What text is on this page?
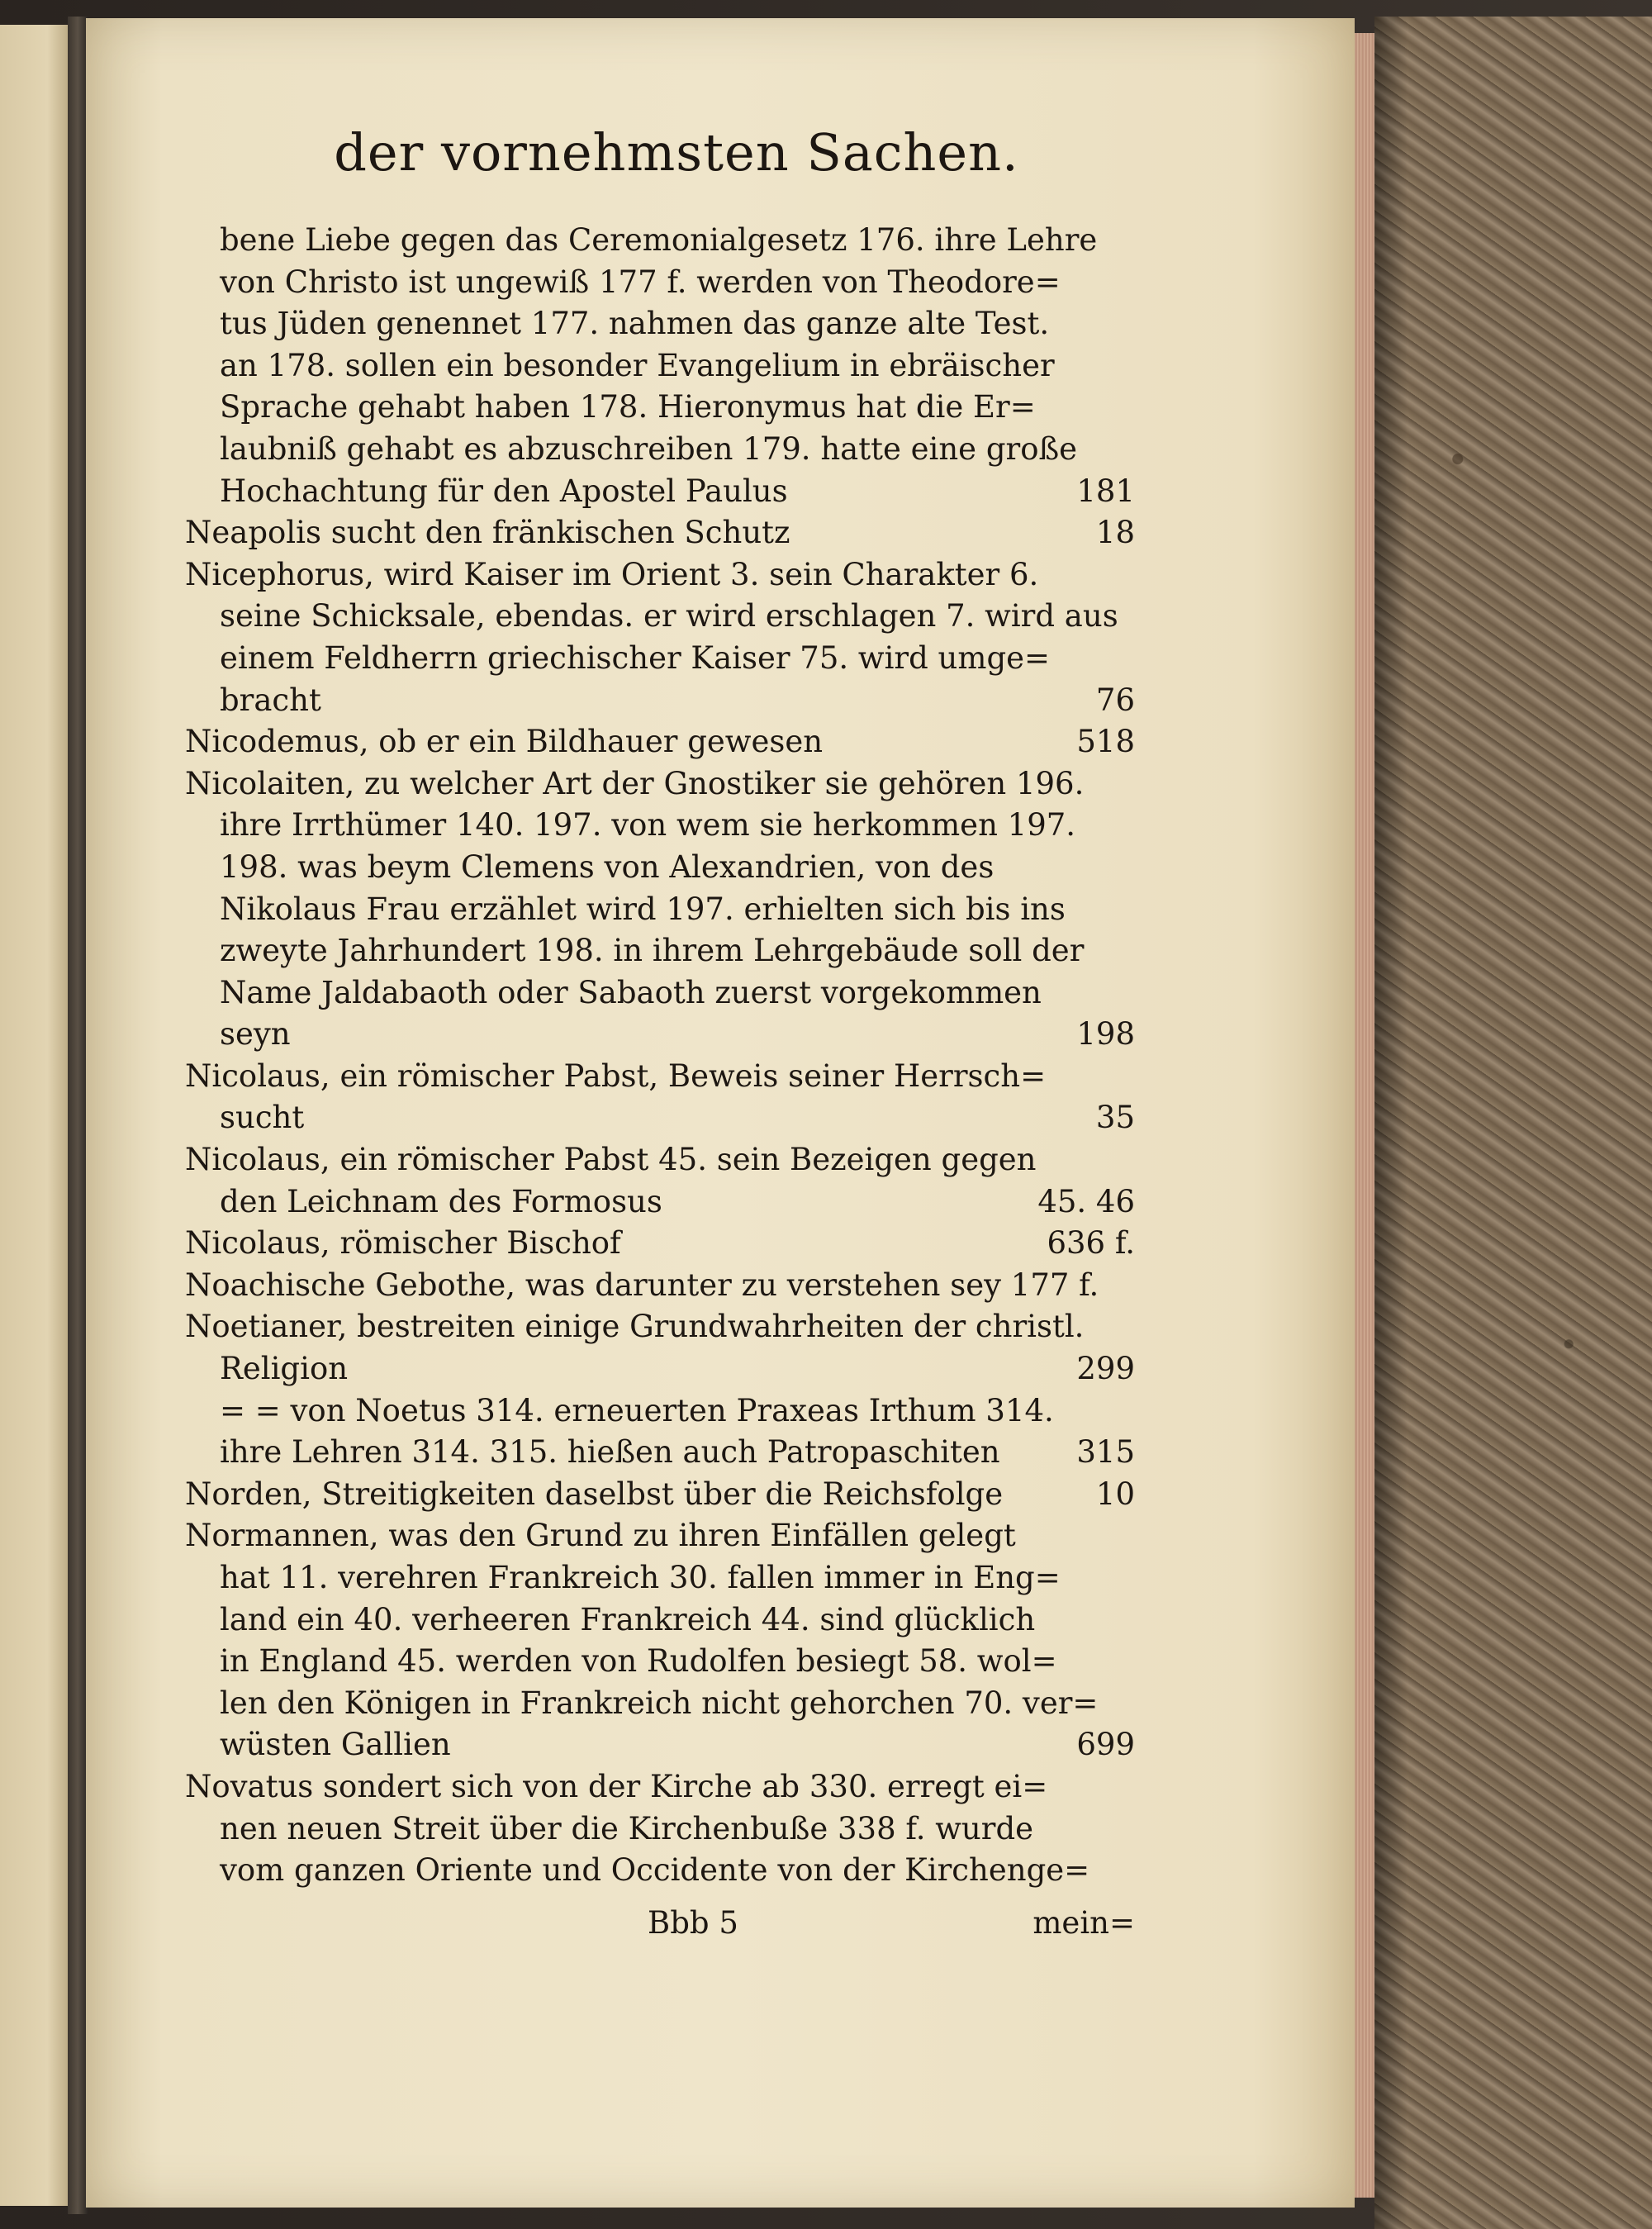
der vornehmsten Sachen.
bene Liebe gegen das Ceremonialgesetz 176. ihre Lehre
von Christo ist ungewiß 177 f. werden von Theodore=
tus Jüden genennet 177. nahmen das ganze alte Test.
an 178. sollen ein besonder Evangelium in ebräischer
Sprache gehabt haben 178. Hieronymus hat die Er=
laubniß gehabt es abzuschreiben 179. hatte eine große
Hochachtung für den Apostel Paulus	181
Neapolis sucht den fränkischen Schutz	18
Nicephorus, wird Kaiser im Orient 3. sein Charakter 6.
seine Schicksale, ebendas. er wird erschlagen 7. wird aus
einem Feldherrn griechischer Kaiser 75. wird umge=
bracht	76
Nicodemus, ob er ein Bildhauer gewesen	518
Nicolaiten, zu welcher Art der Gnostiker sie gehören 196.
ihre Irrthümer 140. 197. von wem sie herkommen 197.
198. was beym Clemens von Alexandrien, von des
Nikolaus Frau erzählet wird 197. erhielten sich bis ins
zweyte Jahrhundert 198. in ihrem Lehrgebäude soll der
Name Jaldabaoth oder Sabaoth zuerst vorgekommen
seyn	198
Nicolaus, ein römischer Pabst, Beweis seiner Herrsch=
sucht	35
Nicolaus, ein römischer Pabst 45. sein Bezeigen gegen
den Leichnam des Formosus	45. 46
Nicolaus, römischer Bischof	636 f.
Noachische Gebothe, was darunter zu verstehen sey 177 f.
Noetianer, bestreiten einige Grundwahrheiten der christl.
Religion	299
= = von Noetus 314. erneuerten Praxeas Irthum 314.
ihre Lehren 314. 315. hießen auch Patropaschiten	315
Norden, Streitigkeiten daselbst über die Reichsfolge	10
Normannen, was den Grund zu ihren Einfällen gelegt
hat 11. verehren Frankreich 30. fallen immer in Eng=
land ein 40. verheeren Frankreich 44. sind glücklich
in England 45. werden von Rudolfen besiegt 58. wol=
len den Königen in Frankreich nicht gehorchen 70. ver=
wüsten Gallien	699
Novatus sondert sich von der Kirche ab 330. erregt ei=
nen neuen Streit über die Kirchenbuße 338 f. wurde
vom ganzen Oriente und Occidente von der Kirchenge=
Bbb 5	mein=
